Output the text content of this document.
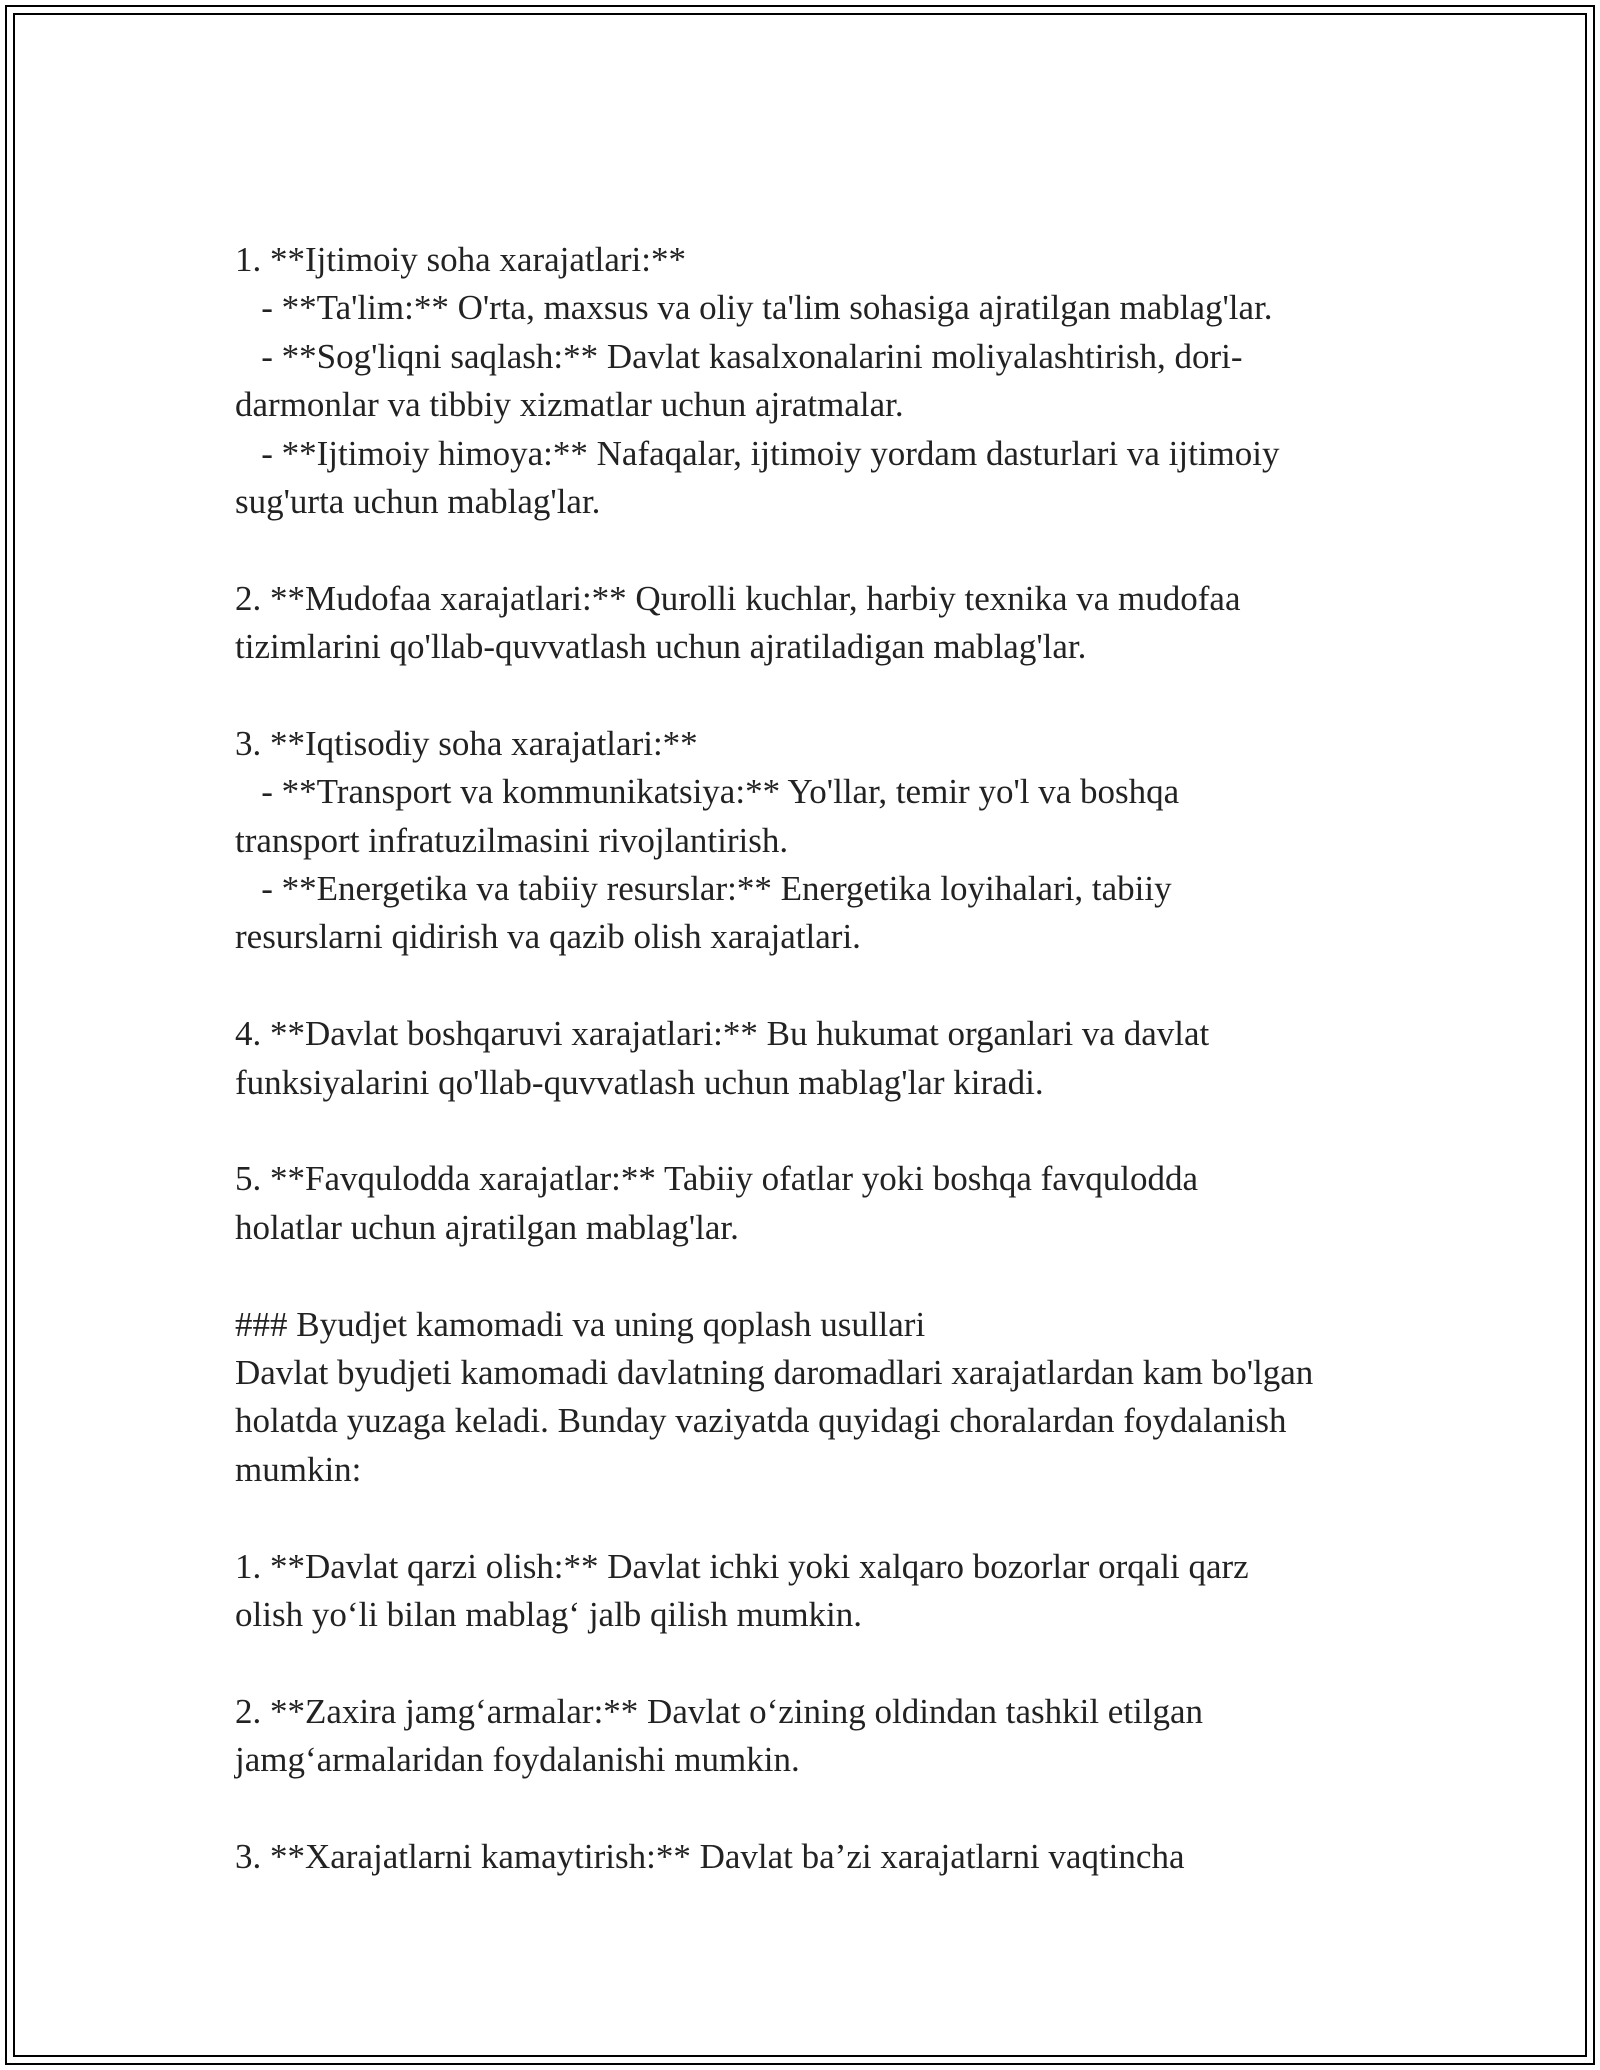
1. **Ijtimoiy soha xarajatlari:**
- **Ta'lim:** O'rta, maxsus va oliy ta'lim sohasiga ajratilgan mablag'lar.
- **Sog'liqni saqlash:** Davlat kasalxonalarini moliyalashtirish, dori-
darmonlar va tibbiy xizmatlar uchun ajratmalar.
- **Ijtimoiy himoya:** Nafaqalar, ijtimoiy yordam dasturlari va ijtimoiy
sug'urta uchun mablag'lar.
2. **Mudofaa xarajatlari:** Qurolli kuchlar, harbiy texnika va mudofaa
tizimlarini qo'llab-quvvatlash uchun ajratiladigan mablag'lar.
3. **Iqtisodiy soha xarajatlari:**
- **Transport va kommunikatsiya:** Yo'llar, temir yo'l va boshqa
transport infratuzilmasini rivojlantirish.
- **Energetika va tabiiy resurslar:** Energetika loyihalari, tabiiy
resurslarni qidirish va qazib olish xarajatlari.
4. **Davlat boshqaruvi xarajatlari:** Bu hukumat organlari va davlat
funksiyalarini qo'llab-quvvatlash uchun mablag'lar kiradi.
5. **Favqulodda xarajatlar:** Tabiiy ofatlar yoki boshqa favqulodda
holatlar uchun ajratilgan mablag'lar.
### Byudjet kamomadi va uning qoplash usullari
Davlat byudjeti kamomadi davlatning daromadlari xarajatlardan kam bo'lgan
holatda yuzaga keladi. Bunday vaziyatda quyidagi choralardan foydalanish
mumkin:
1. **Davlat qarzi olish:** Davlat ichki yoki xalqaro bozorlar orqali qarz
olish yo‘li bilan mablag‘ jalb qilish mumkin.
2. **Zaxira jamg‘armalar:** Davlat o‘zining oldindan tashkil etilgan
jamg‘armalaridan foydalanishi mumkin.
3. **Xarajatlarni kamaytirish:** Davlat ba’zi xarajatlarni vaqtincha
